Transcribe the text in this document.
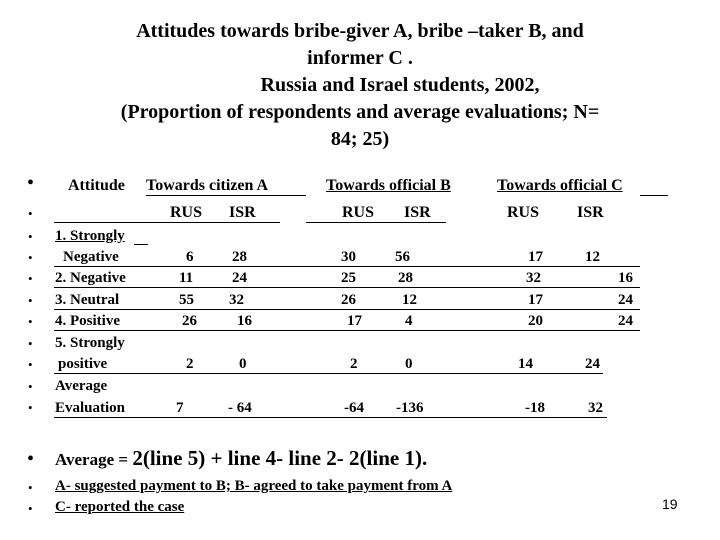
Attitudes towards bribe-giver A, bribe –taker B, and
informer C .
Russia and Israel students, 2002,
(Proportion of respondents and average evaluations; N=
84; 25)
•
•
•
•
•
•
•
•
•
•
•
•
•
•
Attitude Towards citizen A	Towards official B	Towards official C
RUS ISR	RUS ISR	RUS ISR
1. Strongly
Negative	6	28	30	56	17	12
2. Negative	11	24	25	28	32	16
3. Neutral	55 32	26	12	17	24
4. Positive	26	16	17	4	20	24
5. Strongly
positive	2	0	2	0	14	24
Average
Evaluation	7	- 64	-64 -136	-18	32
Average = 2(line 5) + line 4- line 2- 2(line 1).
A- suggested payment to B; B- agreed to take payment from A
C- reported the case	19
